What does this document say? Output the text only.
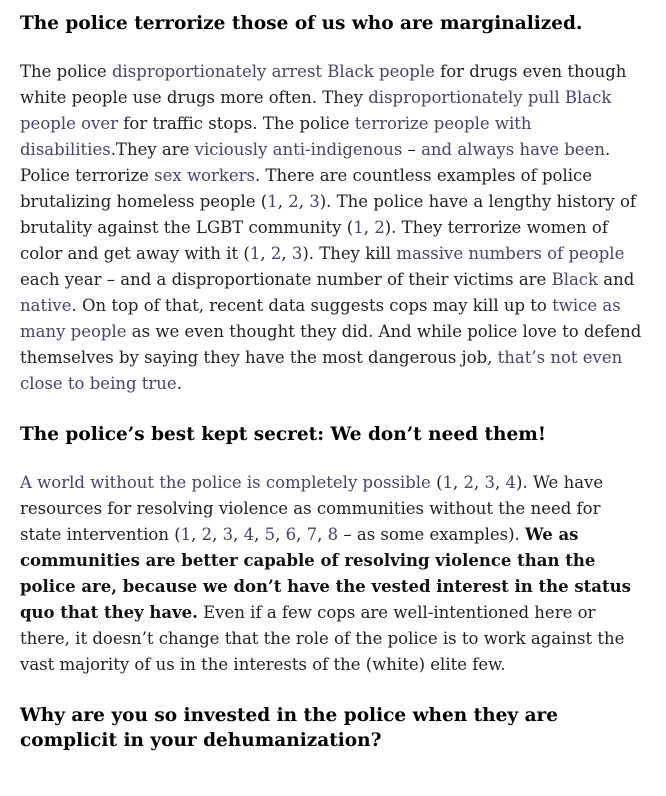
The police terrorize those of us who are marginalized.

The police disproportionately arrest Black people for drugs even though white people use drugs more often. They disproportionately pull Black people over for traffic stops. The police terrorize people with disabilities.They are viciously anti-indigenous – and always have been. Police terrorize sex workers. There are countless examples of police brutalizing homeless people (1, 2, 3). The police have a lengthy history of brutality against the LGBT community (1, 2). They terrorize women of color and get away with it (1, 2, 3). They kill massive numbers of people each year – and a disproportionate number of their victims are Black and native. On top of that, recent data suggests cops may kill up to twice as many people as we even thought they did. And while police love to defend themselves by saying they have the most dangerous job, that’s not even close to being true.

The police’s best kept secret: We don’t need them!

A world without the police is completely possible (1, 2, 3, 4). We have resources for resolving violence as communities without the need for state intervention (1, 2, 3, 4, 5, 6, 7, 8 – as some examples). We as communities are better capable of resolving violence than the police are, because we don’t have the vested interest in the status quo that they have. Even if a few cops are well-intentioned here or there, it doesn’t change that the role of the police is to work against the vast majority of us in the interests of the (white) elite few.

Why are you so invested in the police when they are complicit in your dehumanization?
